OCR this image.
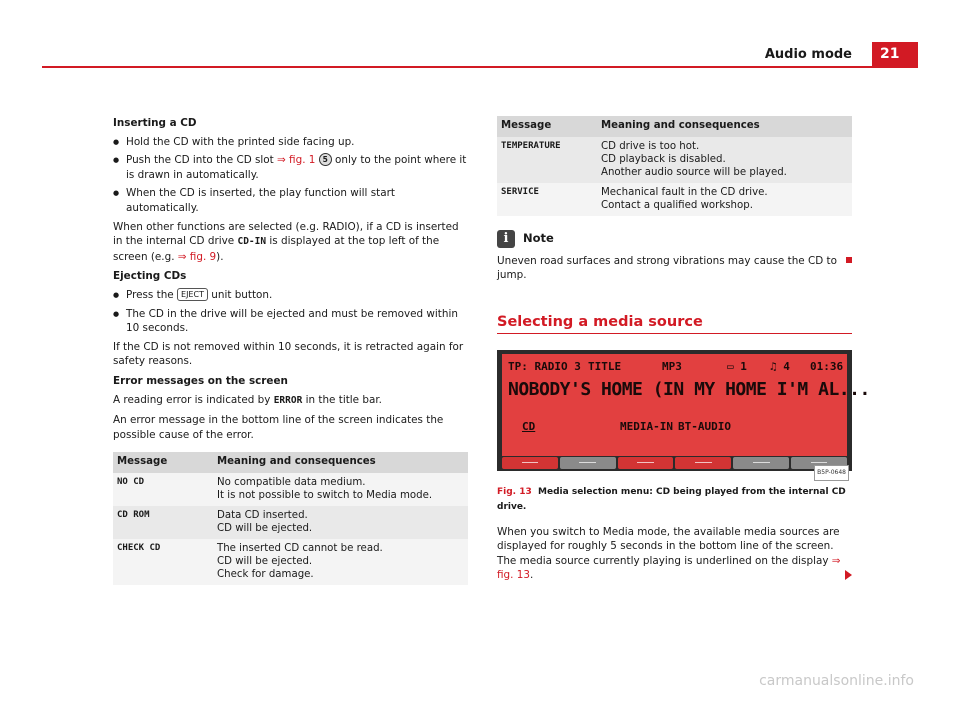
Audio mode	21

Inserting a CD

● Hold the CD with the printed side facing up.

● Push the CD into the CD slot ⇒ fig. 1 5 only to the point where it is drawn in automatically.

● When the CD is inserted, the play function will start automatically.

When other functions are selected (e.g. RADIO), if a CD is inserted in the internal CD drive CD-IN is displayed at the top left of the screen (e.g. ⇒ fig. 9).

Ejecting CDs

● Press the EJECT unit button.

● The CD in the drive will be ejected and must be removed within 10 seconds.

If the CD is not removed within 10 seconds, it is retracted again for safety reasons.

Error messages on the screen

A reading error is indicated by ERROR in the title bar.

An error message in the bottom line of the screen indicates the possible cause of the error.

Message	Meaning and consequences
NO CD	No compatible data medium.
It is not possible to switch to Media mode.
CD ROM	Data CD inserted.
CD will be ejected.
CHECK CD	The inserted CD cannot be read.
CD will be ejected.
Check for damage.
Message	Meaning and consequences
TEMPERATURE	CD drive is too hot.
CD playback is disabled.
Another audio source will be played.
SERVICE	Mechanical fault in the CD drive.
Contact a qualified workshop.
i	Note

Uneven road surfaces and strong vibrations may cause the CD to jump.

Selecting a media source
TP: RADIO 3 TITLE	MP3	▭ 1 ♫ 4 01:36
NOBODY'S HOME (IN MY HOME I'M AL...
CD	MEDIA-IN BT-AUDIO
B5P-0648

Fig. 13 Media selection menu: CD being played from the internal CD drive.

When you switch to Media mode, the available media sources are displayed for roughly 5 seconds in the bottom line of the screen. The media source currently playing is underlined on the display ⇒ fig. 13.

carmanualsonline.info
